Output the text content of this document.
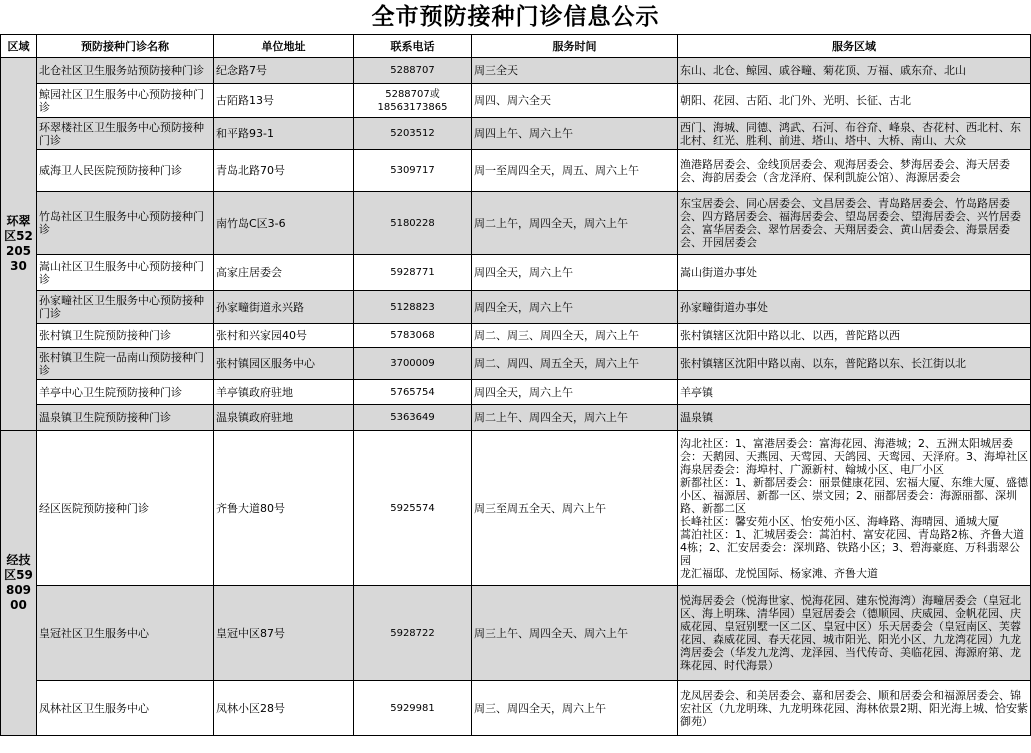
全市预防接种门诊信息公示
区域	预防接种门诊名称	单位地址	联系电话	服务时间	服务区域

环翠区5220530	北仓社区卫生服务站预防接种门诊	纪念路7号	5288707	周三全天	东山、北仓、鲸园、戚谷疃、菊花顶、万福、戚东夼、北山

	鲸园社区卫生服务中心预防接种门诊	古陌路13号	5288707或18563173865	周四、周六全天	朝阳、花园、古陌、北门外、光明、长征、古北

	环翠楼社区卫生服务中心预防接种门诊	和平路93-1	5203512	周四上午、周六上午	西门、海城、同德、鸿武、石河、布谷夼、峰泉、杏花村、西北村、东北村、红光、胜利、前进、塔山、塔中、大桥、南山、大众

	威海卫人民医院预防接种门诊	青岛北路70号	5309717	周一至周四全天，周五、周六上午	渔港路居委会、金线顶居委会、观海居委会、梦海居委会、海天居委会、海韵居委会（含龙泽府、保利凯旋公馆）、海源居委会

	竹岛社区卫生服务中心预防接种门诊	南竹岛C区3-6	5180228	周二上午，周四全天，周六上午	东宝居委会、同心居委会、文昌居委会、青岛路居委会、竹岛路居委会、四方路居委会、福海居委会、望岛居委会、望海居委会、兴竹居委会、富华居委会、翠竹居委会、天翔居委会、黄山居委会、海景居委会、开园居委会

	嵩山社区卫生服务中心预防接种门诊	高家庄居委会	5928771	周四全天，周六上午	嵩山街道办事处

	孙家疃社区卫生服务中心预防接种门诊	孙家疃街道永兴路	5128823	周四全天，周六上午	孙家疃街道办事处

	张村镇卫生院预防接种门诊	张村和兴家园40号	5783068	周二、周三、周四全天，周六上午	张村镇辖区沈阳中路以北、以西，普陀路以西

	张村镇卫生院一品南山预防接种门诊	张村镇园区服务中心	3700009	周二、周四、周五全天，周六上午	张村镇辖区沈阳中路以南、以东，普陀路以东、长江街以北

	羊亭中心卫生院预防接种门诊	羊亭镇政府驻地	5765754	周四全天，周六上午	羊亭镇

	温泉镇卫生院预防接种门诊	温泉镇政府驻地	5363649	周二上午、周四全天，周六上午	温泉镇

经技区5980900	经区医院预防接种门诊	齐鲁大道80号	5925574	周三至周五全天、周六上午	沟北社区：1、富港居委会：富海花园、海港城；2、五洲太阳城居委会：天鹅园、天燕园、天莺园、天鸽园、天鸾园、天泽府。3、海埠社区海泉居委会：海埠村、广源新村、翰城小区、电厂小区
新都社区：1、新都居委会：丽景健康花园、宏福大厦、东维大厦、盛德小区、福源居、新都一区、崇文园；2、丽都居委会：海源丽都、深圳路、新都二区
长峰社区：馨安苑小区、怡安苑小区、海峰路、海晴园、通城大厦
蒿泊社区：1、汇城居委会：蒿泊村、富安花园、青岛路2栋、齐鲁大道4栋；2、汇安居委会：深圳路、铁路小区；3、碧海豪庭、万科翡翠公园
龙汇福邸、龙悦国际、杨家滩、齐鲁大道

	皇冠社区卫生服务中心	皇冠中区87号	5928722	周三上午、周四全天、周六上午	悦海居委会（悦海世家、悦海花园、建东悦海湾）海疃居委会（皇冠北区、海上明珠、清华园）皇冠居委会（德顺园、庆威园、金帆花园、庆威花园、皇冠别墅一区二区、皇冠中区）乐天居委会（皇冠南区、芙蓉花园、森威花园、春天花园、城市阳光、阳光小区、九龙湾花园）九龙湾居委会（华发九龙湾、龙泽园、当代传奇、美临花园、海源府第、龙珠花园、时代海景）

	凤林社区卫生服务中心	凤林小区28号	5929981	周三、周四全天，周六上午	龙凤居委会、和美居委会、嘉和居委会、顺和居委会和福源居委会、锦宏社区（九龙明珠、九龙明珠花园、海林依景2期、阳光海上城、恰安紫御苑）
